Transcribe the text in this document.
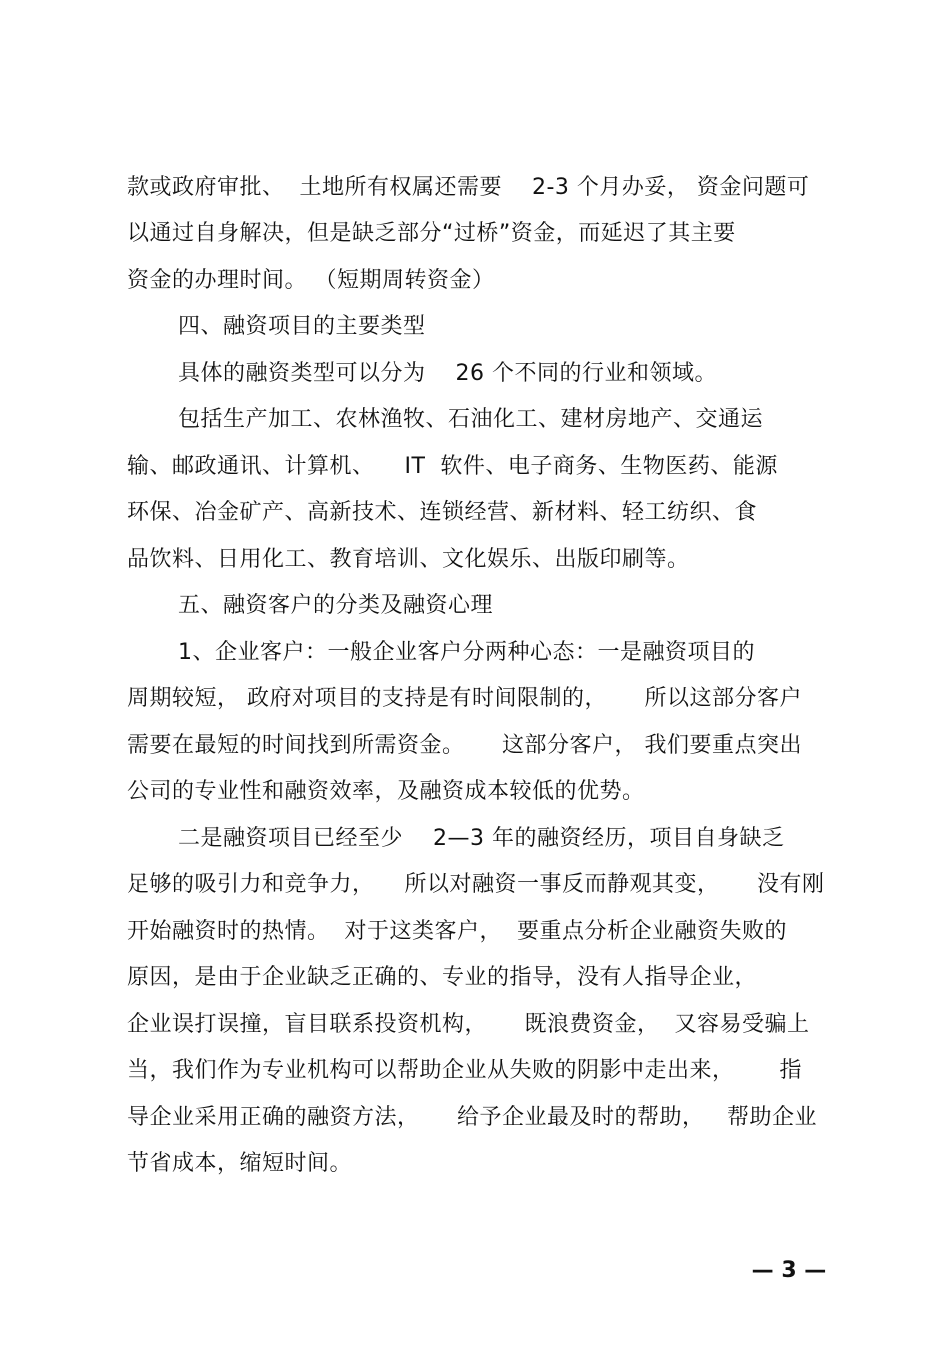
款或政府审批、  土地所有权属还需要    2-3 个月办妥， 资金问题可
以通过自身解决，但是缺乏部分“过桥”资金，而延迟了其主要
资金的办理时间。 （短期周转资金）
四、融资项目的主要类型
具体的融资类型可以分为    26 个不同的行业和领域。
包括生产加工、农林渔牧、石油化工、建材房地产、交通运
输、邮政通讯、计算机、    IT  软件、电子商务、生物医药、能源
环保、冶金矿产、高新技术、连锁经营、新材料、轻工纺织、食
品饮料、日用化工、教育培训、文化娱乐、出版印刷等。
五、融资客户的分类及融资心理
1、企业客户：一般企业客户分两种心态：一是融资项目的
周期较短， 政府对项目的支持是有时间限制的，     所以这部分客户
需要在最短的时间找到所需资金。     这部分客户， 我们要重点突出
公司的专业性和融资效率，及融资成本较低的优势。
二是融资项目已经至少    2—3 年的融资经历，项目自身缺乏
足够的吸引力和竞争力，    所以对融资一事反而静观其变，     没有刚
开始融资时的热情。  对于这类客户，  要重点分析企业融资失败的
原因，是由于企业缺乏正确的、专业的指导，没有人指导企业，
企业误打误撞，盲目联系投资机构，     既浪费资金，  又容易受骗上
当，我们作为专业机构可以帮助企业从失败的阴影中走出来，      指
导企业采用正确的融资方法，     给予企业最及时的帮助，   帮助企业
节省成本，缩短时间。
— 3 —
